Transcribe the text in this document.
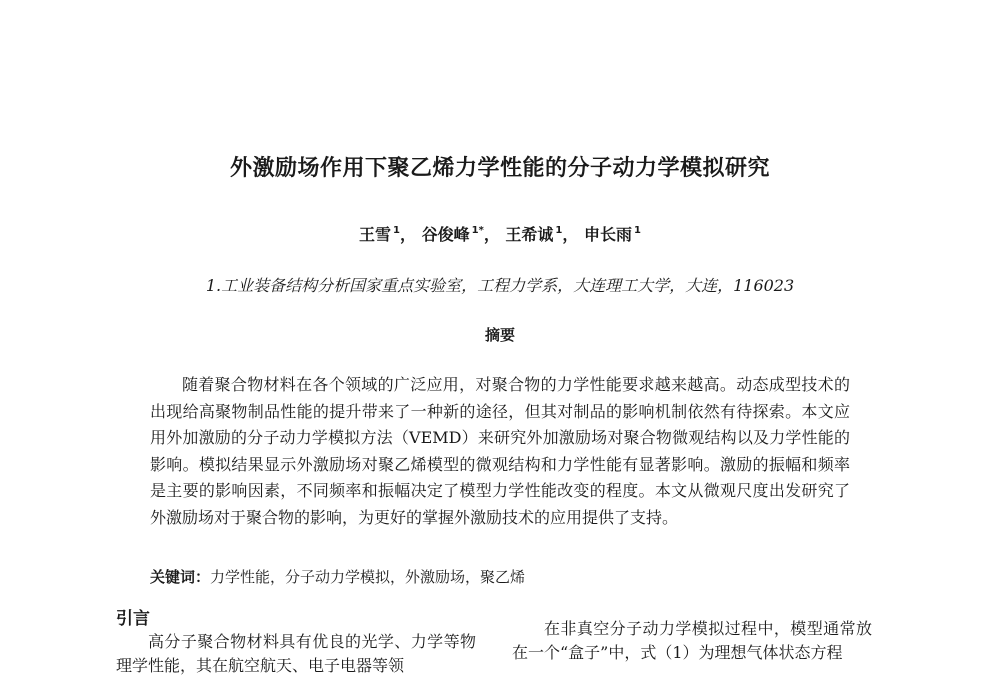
外激励场作用下聚乙烯力学性能的分子动力学模拟研究
王雪 $^1$， 谷俊峰 $^{1*}$， 王希诚 $^1$， 申长雨 $^1$
1.工业装备结构分析国家重点实验室，工程力学系，大连理工大学，大连，116023
摘要
随着聚合物材料在各个领域的广泛应用，对聚合物的力学性能要求越来越高。动态成型技术的出现给高聚物制品性能的提升带来了一种新的途径，但其对制品的影响机制依然有待探索。本文应用外加激励的分子动力学模拟方法（VEMD）来研究外加激励场对聚合物微观结构以及力学性能的影响。模拟结果显示外激励场对聚乙烯模型的微观结构和力学性能有显著影响。激励的振幅和频率是主要的影响因素，不同频率和振幅决定了模型力学性能改变的程度。本文从微观尺度出发研究了外激励场对于聚合物的影响，为更好的掌握外激励技术的应用提供了支持。
关键词：力学性能，分子动力学模拟，外激励场，聚乙烯
引言
高分子聚合物材料具有优良的光学、力学等物理学性能，其在航空航天、电子电器等领
在非真空分子动力学模拟过程中，模型通常放在一个“盒子”中，式（1）为理想气体状态方程
